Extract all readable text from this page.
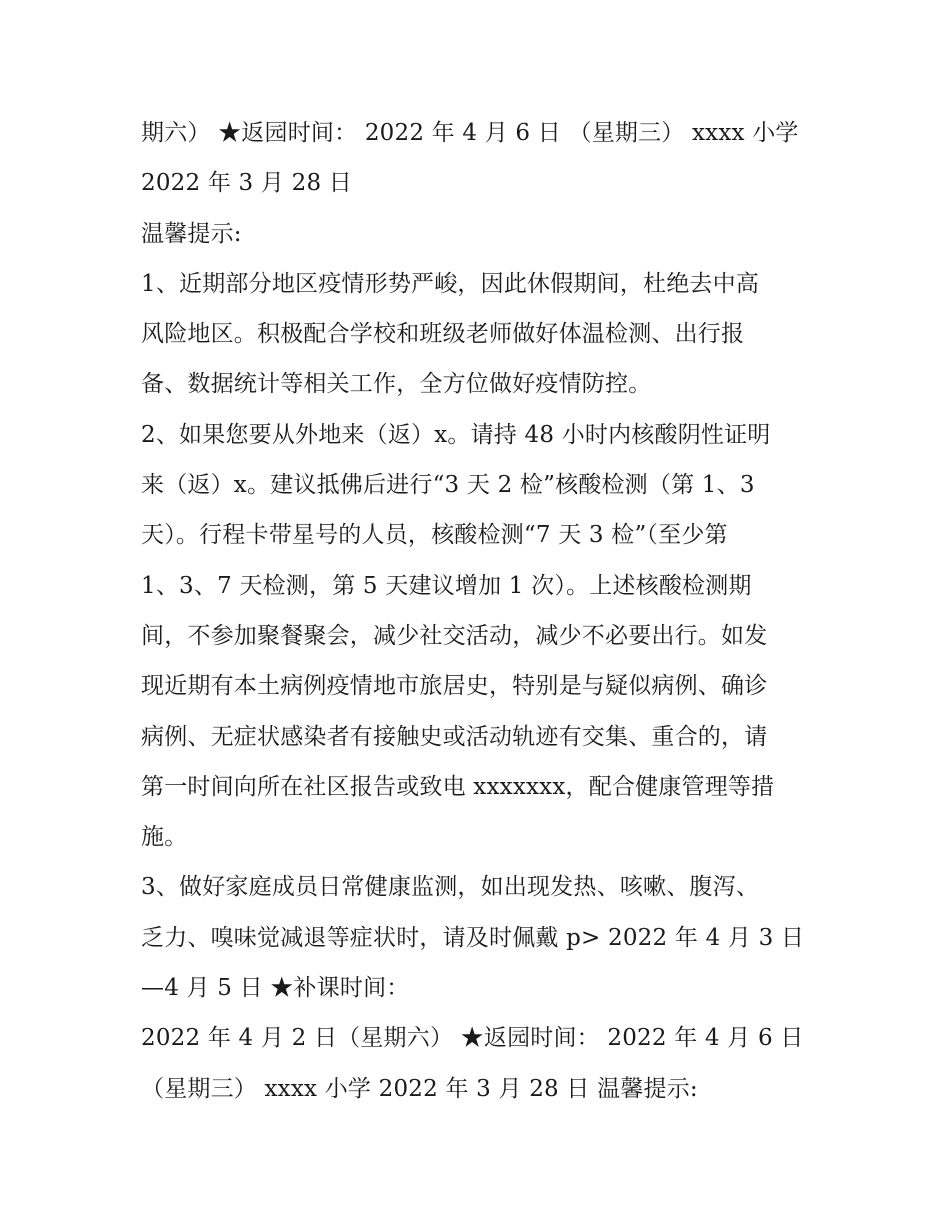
期六） ★返园时间： 2022 年 4 月 6 日 （星期三） xxxx 小学
2022 年 3 月 28 日
温馨提示:
1、近期部分地区疫情形势严峻，因此休假期间，杜绝去中高
风险地区。积极配合学校和班级老师做好体温检测、出行报
备、数据统计等相关工作，全方位做好疫情防控。
2、如果您要从外地来（返）x。请持 48 小时内核酸阴性证明
来（返）x。建议抵佛后进行“3 天 2 检”核酸检测（第 1、3
天）。行程卡带星号的人员，核酸检测“7 天 3 检”（至少第
1、3、7 天检测，第 5 天建议增加 1 次）。上述核酸检测期
间，不参加聚餐聚会，减少社交活动，减少不必要出行。如发
现近期有本土病例疫情地市旅居史，特别是与疑似病例、确诊
病例、无症状感染者有接触史或活动轨迹有交集、重合的，请
第一时间向所在社区报告或致电 xxxxxxx，配合健康管理等措
施。
3、做好家庭成员日常健康监测，如出现发热、咳嗽、腹泻、
乏力、嗅味觉减退等症状时，请及时佩戴 p> 2022 年 4 月 3 日
—4 月 5 日 ★补课时间：
2022 年 4 月 2 日（星期六） ★返园时间： 2022 年 4 月 6 日
（星期三） xxxx 小学 2022 年 3 月 28 日 温馨提示:
